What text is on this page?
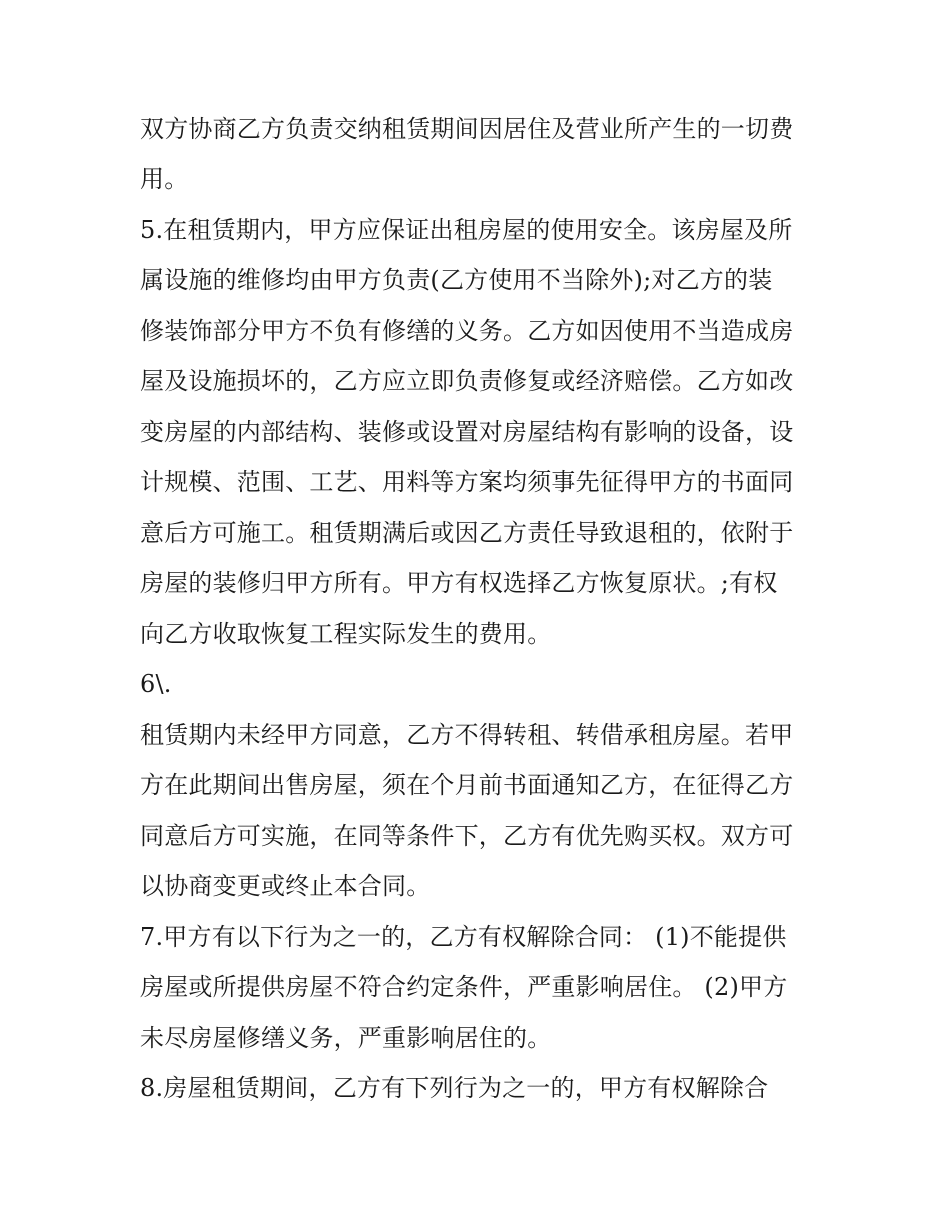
双方协商乙方负责交纳租赁期间因居住及营业所产生的一切费
用。
5.在租赁期内，甲方应保证出租房屋的使用安全。该房屋及所
属设施的维修均由甲方负责(乙方使用不当除外);对乙方的装
修装饰部分甲方不负有修缮的义务。乙方如因使用不当造成房
屋及设施损坏的，乙方应立即负责修复或经济赔偿。乙方如改
变房屋的内部结构、装修或设置对房屋结构有影响的设备，设
计规模、范围、工艺、用料等方案均须事先征得甲方的书面同
意后方可施工。租赁期满后或因乙方责任导致退租的，依附于
房屋的装修归甲方所有。甲方有权选择乙方恢复原状。;有权
向乙方收取恢复工程实际发生的费用。
6\.
租赁期内未经甲方同意，乙方不得转租、转借承租房屋。若甲
方在此期间出售房屋，须在个月前书面通知乙方，在征得乙方
同意后方可实施，在同等条件下，乙方有优先购买权。双方可
以协商变更或终止本合同。
7.甲方有以下行为之一的，乙方有权解除合同： (1)不能提供
房屋或所提供房屋不符合约定条件，严重影响居住。 (2)甲方
未尽房屋修缮义务，严重影响居住的。
8.房屋租赁期间，乙方有下列行为之一的，甲方有权解除合
